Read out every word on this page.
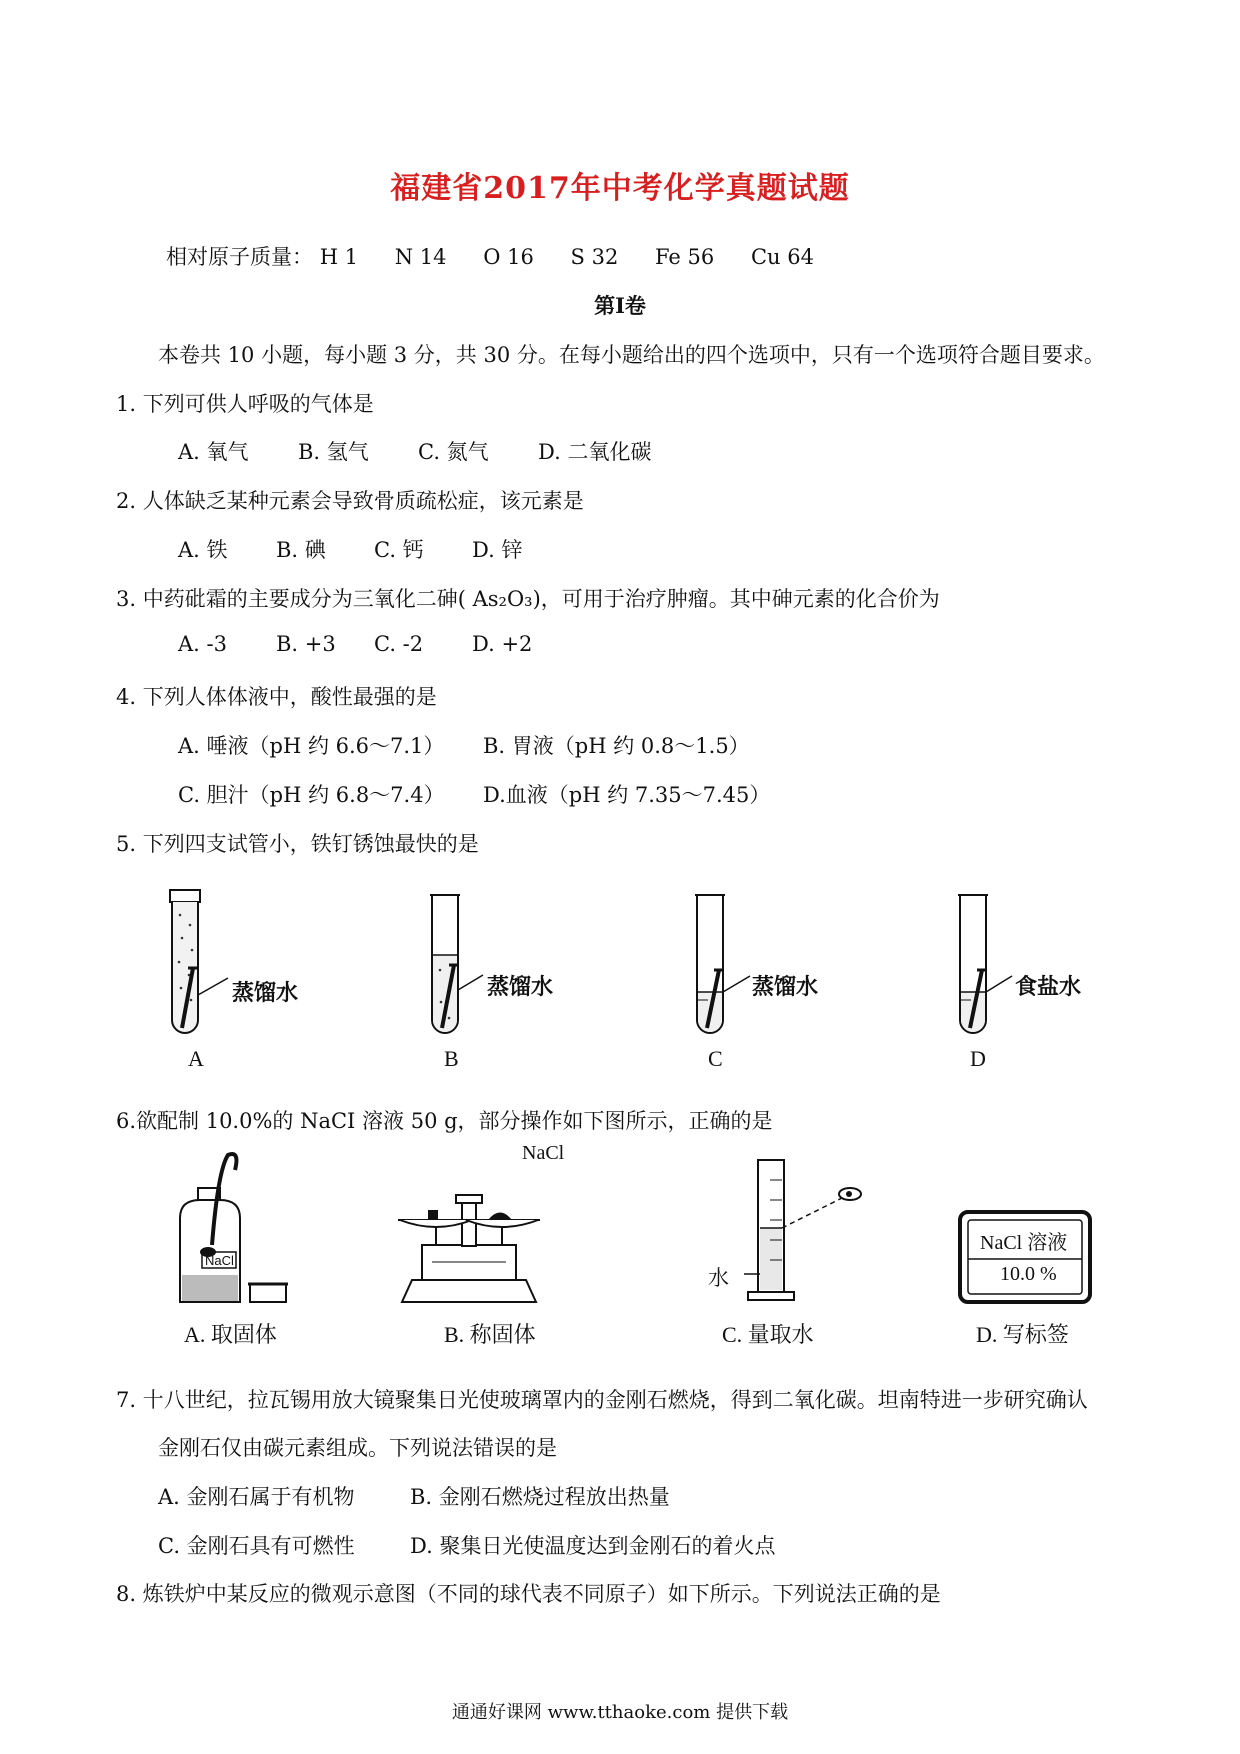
福建省2017年中考化学真题试题
相对原子质量： H 1 N 14 O 16 S 32 Fe 56 Cu 64
第Ⅰ卷
本卷共 10 小题，每小题 3 分，共 30 分。在每小题给出的四个选项中，只有一个选项符合题目要求。
1. 下列可供人呼吸的气体是
A. 氧气 B. 氢气 C. 氮气 D. 二氧化碳
2. 人体缺乏某种元素会导致骨质疏松症，该元素是
A. 铁 B. 碘 C. 钙 D. 锌
3. 中药砒霜的主要成分为三氧化二砷( As₂O₃)，可用于治疗肿瘤。其中砷元素的化合价为
A. -3 B. +3 C. -2 D. +2
4. 下列人体体液中，酸性最强的是
A. 唾液（pH 约 6.6～7.1） B. 胃液（pH 约 0.8～1.5）
C. 胆汁（pH 约 6.8～7.4） D.血液（pH 约 7.35～7.45）
5. 下列四支试管小，铁钉锈蚀最快的是
蒸馏水	蒸馏水	蒸馏水	食盐水
A	B	C	D
6.欲配制 10.0%的 NaCI 溶液 50 g，部分操作如下图所示，正确的是
NaCl
NaCl
水
NaCl 溶液
10.0 %
A. 取固体	B. 称固体	C. 量取水	D. 写标签
7. 十八世纪，拉瓦锡用放大镜聚集日光使玻璃罩内的金刚石燃烧，得到二氧化碳。坦南特进一步研究确认
金刚石仅由碳元素组成。下列说法错误的是
A. 金刚石属于有机物	B. 金刚石燃烧过程放出热量
C. 金刚石具有可燃性	D. 聚集日光使温度达到金刚石的着火点
8. 炼铁炉中某反应的微观示意图（不同的球代表不同原子）如下所示。下列说法正确的是
通通好课网 www.tthaoke.com 提供下载
